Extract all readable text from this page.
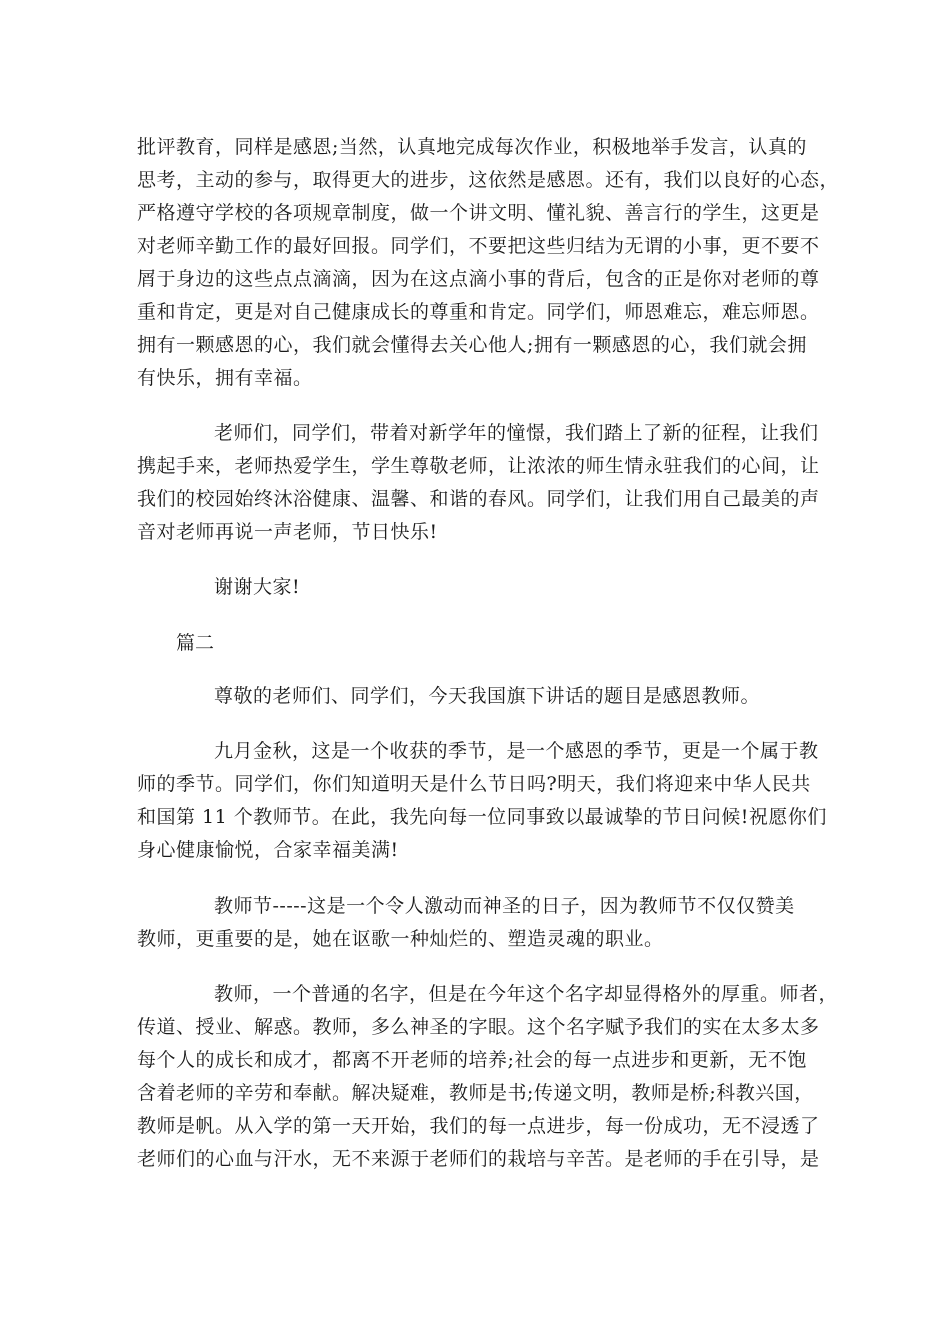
批评教育，同样是感恩;当然，认真地完成每次作业，积极地举手发言，认真的
思考，主动的参与，取得更大的进步，这依然是感恩。还有，我们以良好的心态，
严格遵守学校的各项规章制度，做一个讲文明、懂礼貌、善言行的学生，这更是
对老师辛勤工作的最好回报。同学们，不要把这些归结为无谓的小事，更不要不
屑于身边的这些点点滴滴，因为在这点滴小事的背后，包含的正是你对老师的尊
重和肯定，更是对自己健康成长的尊重和肯定。同学们，师恩难忘，难忘师恩。
拥有一颗感恩的心，我们就会懂得去关心他人;拥有一颗感恩的心，我们就会拥
有快乐，拥有幸福。
老师们，同学们，带着对新学年的憧憬，我们踏上了新的征程，让我们
携起手来，老师热爱学生，学生尊敬老师，让浓浓的师生情永驻我们的心间，让
我们的校园始终沐浴健康、温馨、和谐的春风。同学们，让我们用自己最美的声
音对老师再说一声老师，节日快乐!
谢谢大家!
篇二
尊敬的老师们、同学们，今天我国旗下讲话的题目是感恩教师。
九月金秋，这是一个收获的季节，是一个感恩的季节，更是一个属于教
师的季节。同学们，你们知道明天是什么节日吗?明天，我们将迎来中华人民共
和国第 11 个教师节。在此，我先向每一位同事致以最诚挚的节日问候!祝愿你们
身心健康愉悦，合家幸福美满!
教师节-----这是一个令人激动而神圣的日子，因为教师节不仅仅赞美
教师，更重要的是，她在讴歌一种灿烂的、塑造灵魂的职业。
教师，一个普通的名字，但是在今年这个名字却显得格外的厚重。师者，
传道、授业、解惑。教师，多么神圣的字眼。这个名字赋予我们的实在太多太多
每个人的成长和成才，都离不开老师的培养;社会的每一点进步和更新，无不饱
含着老师的辛劳和奉献。解决疑难，教师是书;传递文明，教师是桥;科教兴国，
教师是帆。从入学的第一天开始，我们的每一点进步，每一份成功，无不浸透了
老师们的心血与汗水，无不来源于老师们的栽培与辛苦。是老师的手在引导，是
